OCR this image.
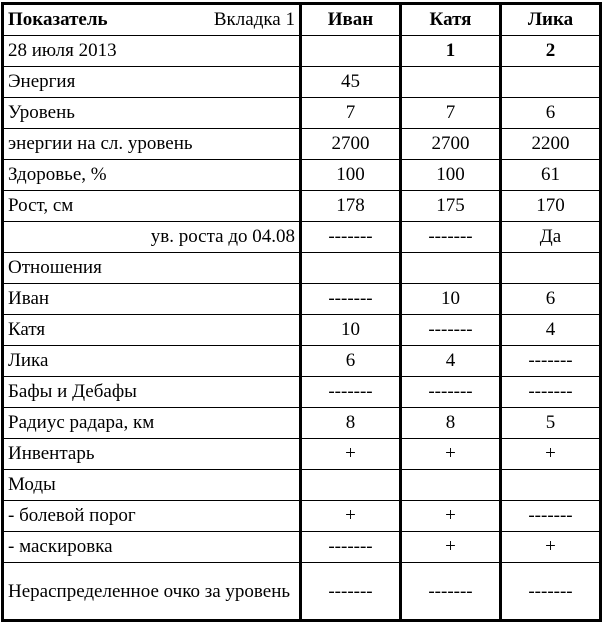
Показатель Вкладка 1	Иван	Катя	Лика
28 июля 2013		1	2
Энергия	45		
Уровень	7	7	6
энергии на сл. уровень	2700	2700	2200
Здоровье, %	100	100	61
Рост, см	178	175	170
ув. роста до 04.08	-------	-------	Да
Отношения			
Иван	-------	10	6
Катя	10	-------	4
Лика	6	4	-------
Бафы и Дебафы	-------	-------	-------
Радиус радара, км	8	8	5
Инвентарь	+	+	+
Моды			
- болевой порог	+	+	-------
- маскировка	-------	+	+
Нераспределенное очко за уровень	-------	-------	-------
